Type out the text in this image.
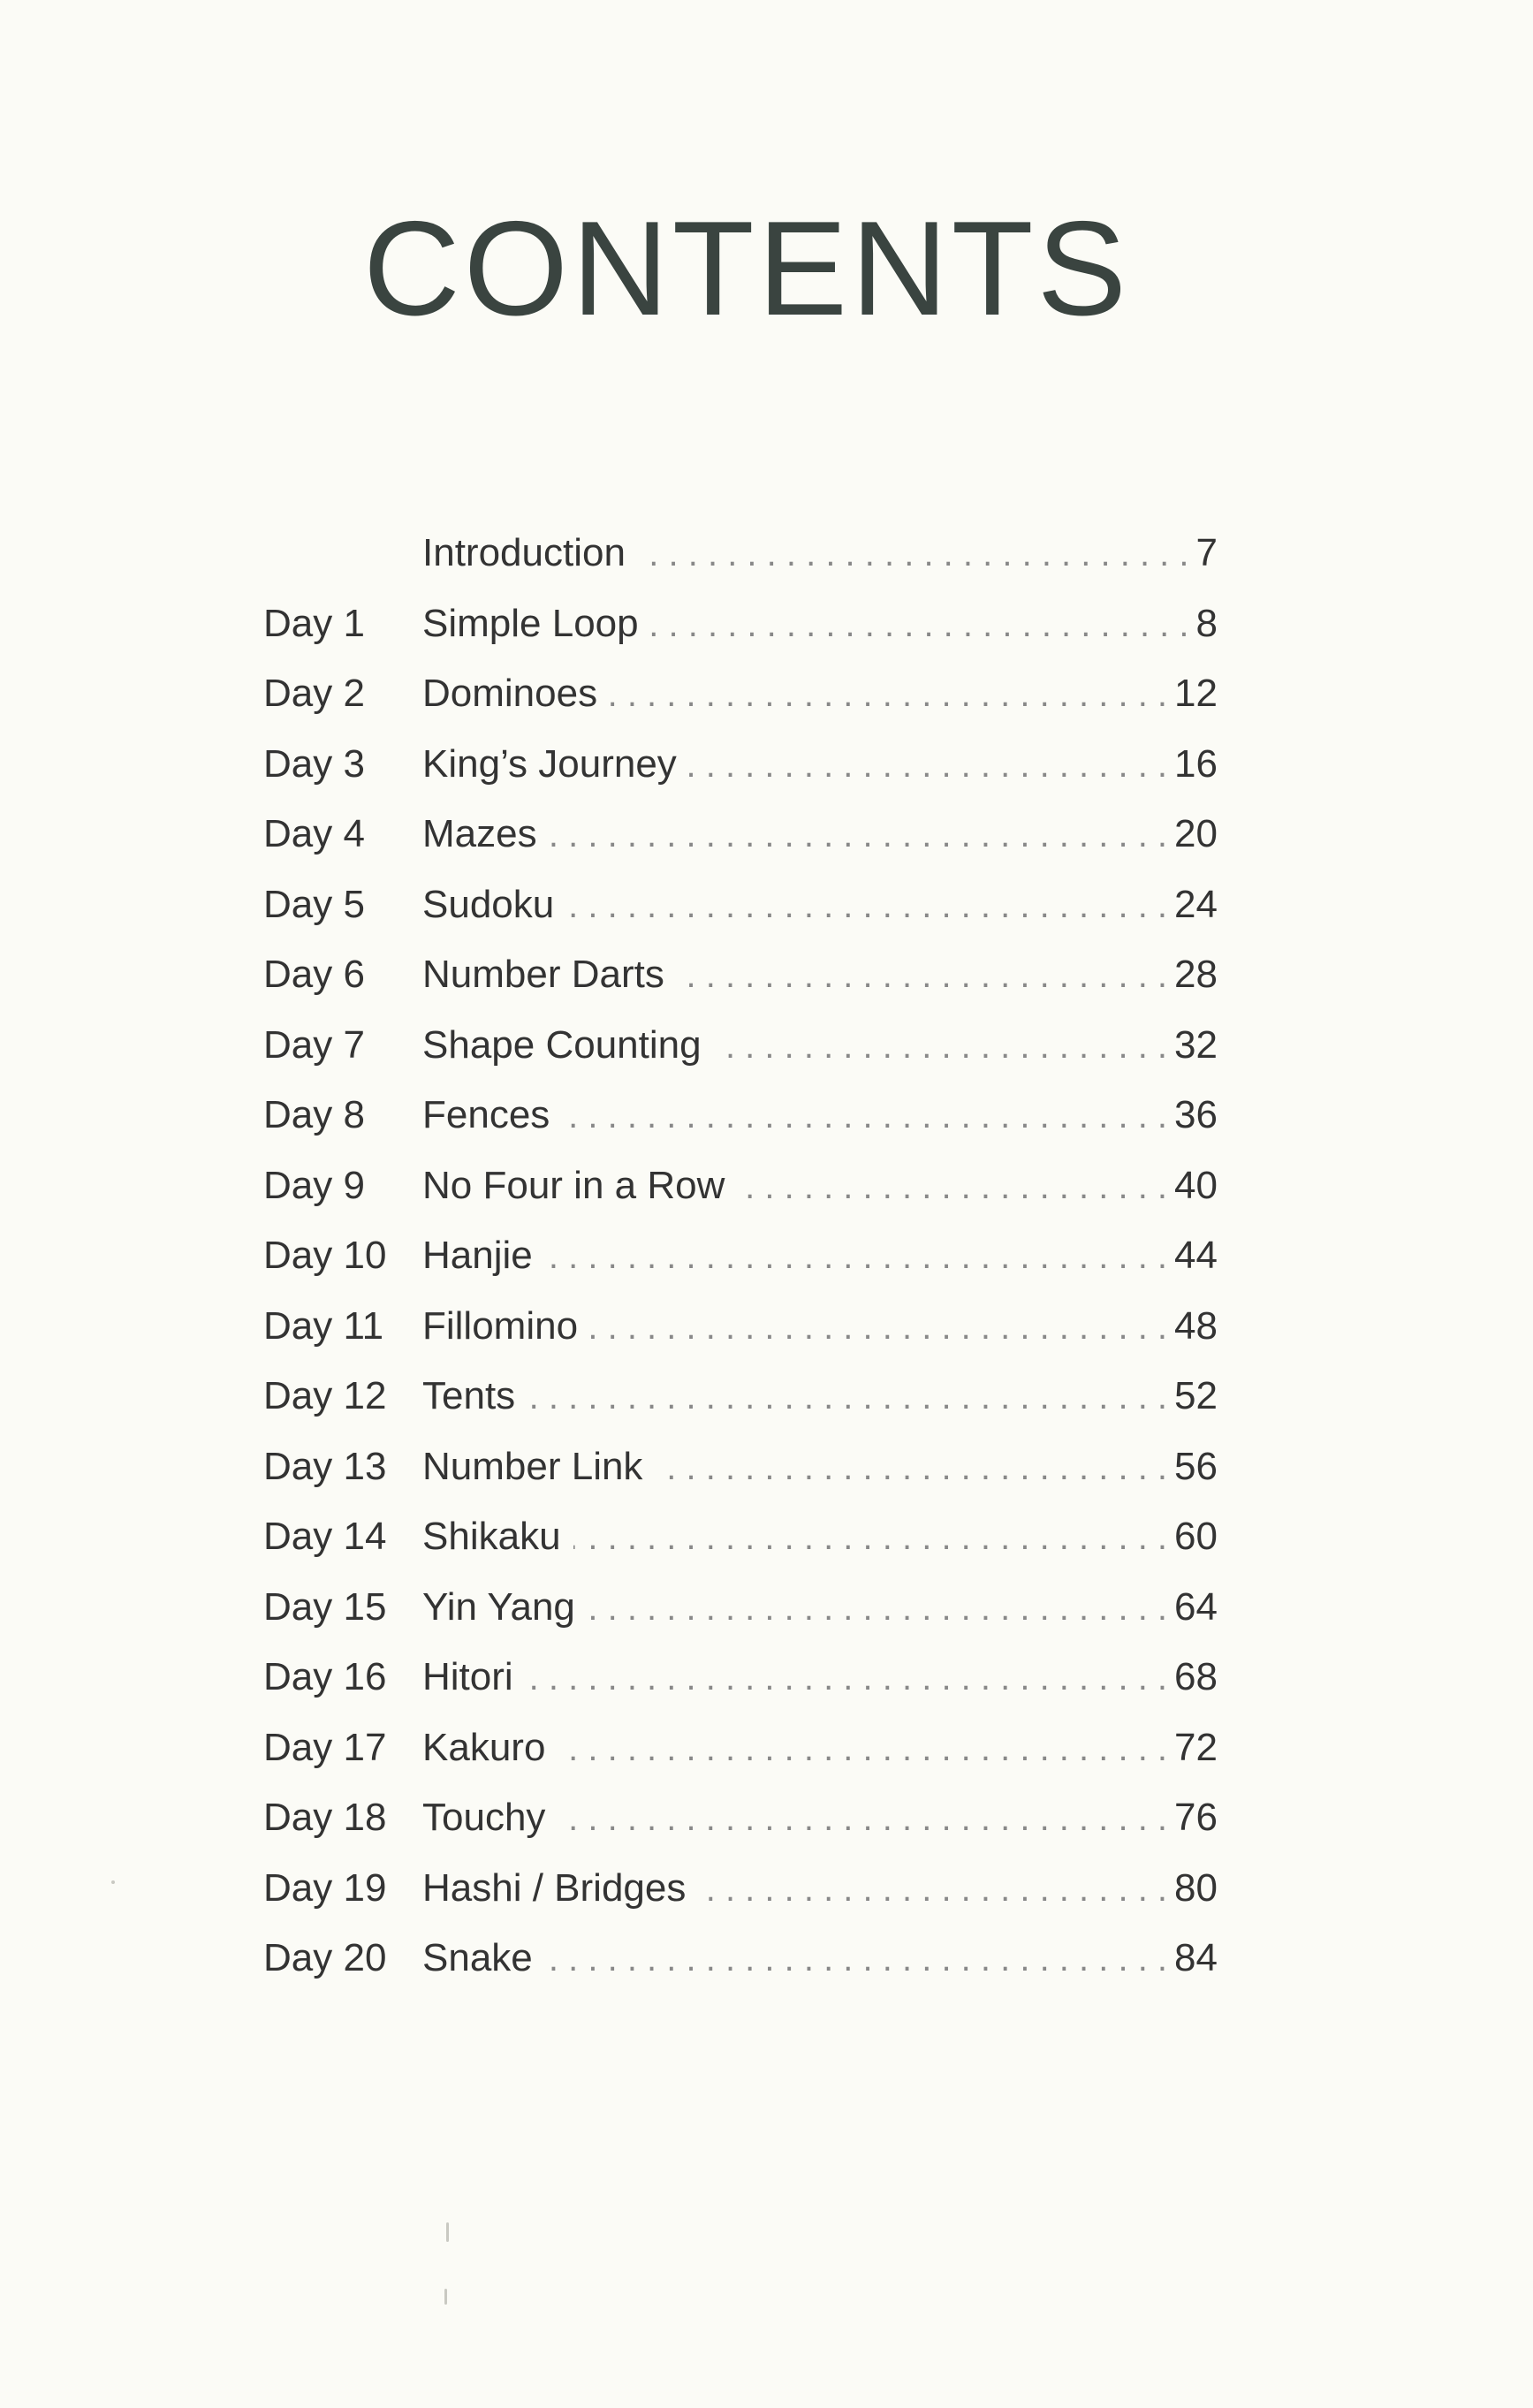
CONTENTS
Introduction . . .	7
Day 1	Simple Loop . . .	8
Day 2	Dominoes . . .	12
Day 3	King’s Journey . . .	16
Day 4	Mazes . . .	20
Day 5	Sudoku . . .	24
Day 6	Number Darts . . .	28
Day 7	Shape Counting . . .	32
Day 8	Fences . . .	36
Day 9	No Four in a Row . . .	40
Day 10 Hanjie . . .	44
Day 11 Fillomino . . .	48
Day 12 Tents . . .	52
Day 13 Number Link . . .	56
Day 14 Shikaku . . .	60
Day 15 Yin Yang . . .	64
Day 16 Hitori . . .	68
Day 17 Kakuro . . .	72
Day 18 Touchy . . .	76
Day 19 Hashi / Bridges . . .	80
Day 20 Snake . . .	84
